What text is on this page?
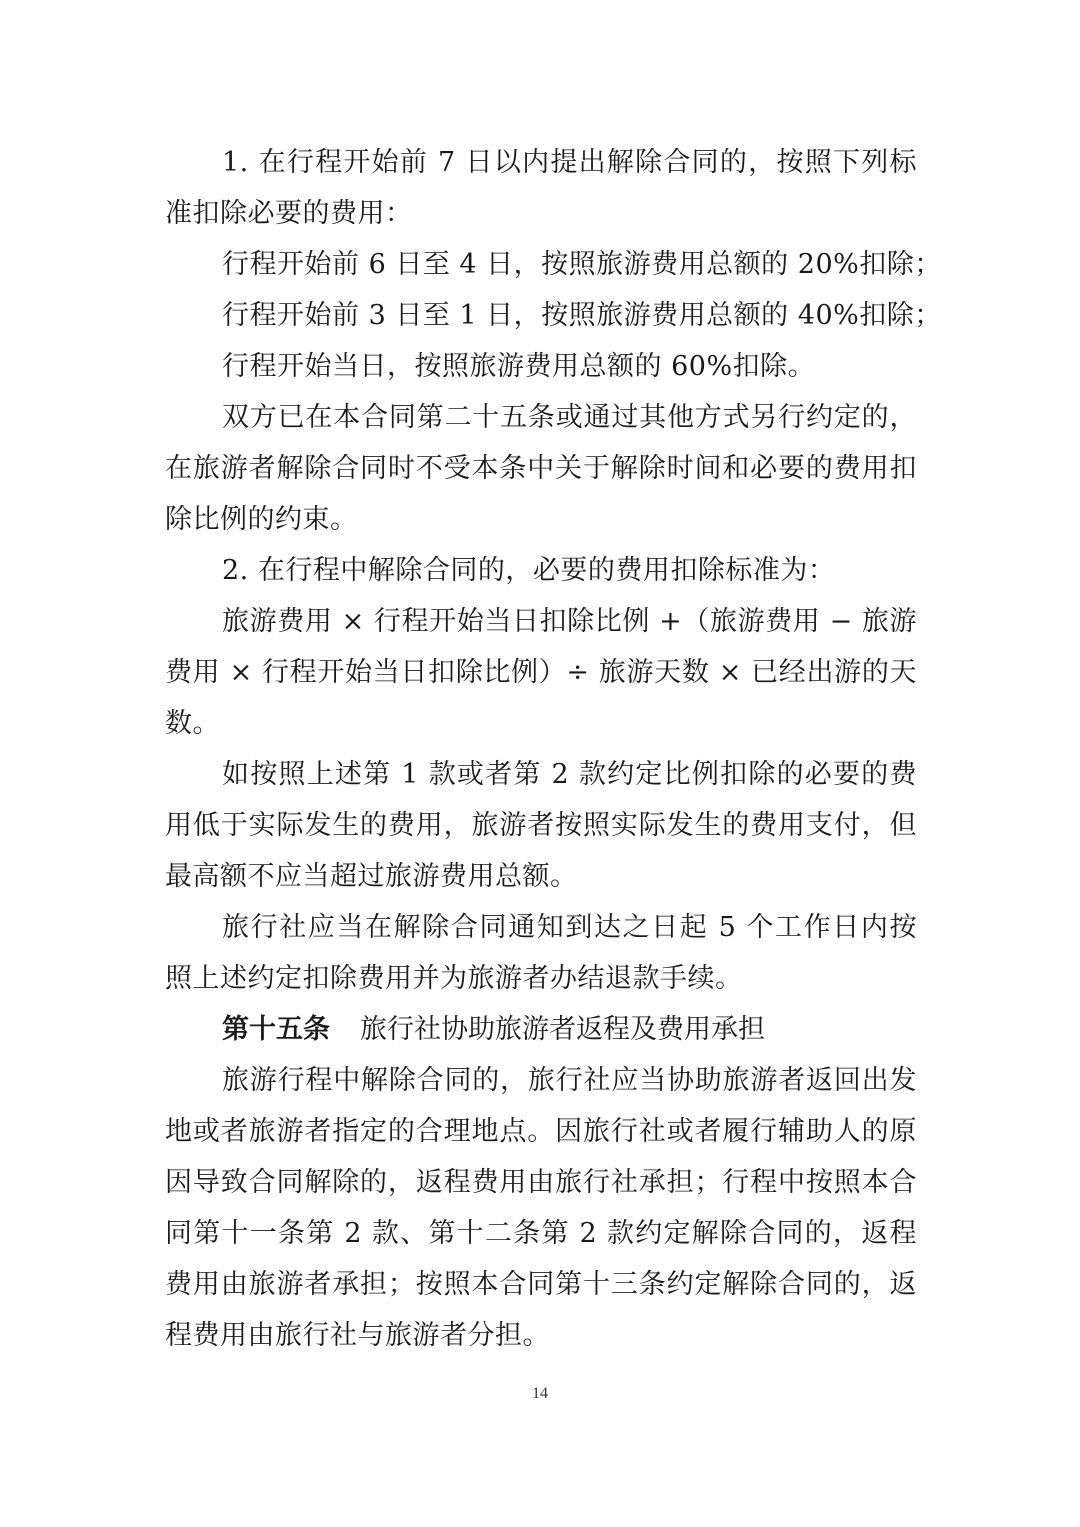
1. 在行程开始前 7 日以内提出解除合同的，按照下列标准扣除必要的费用：

行程开始前 6 日至 4 日，按照旅游费用总额的 20%扣除；

行程开始前 3 日至 1 日，按照旅游费用总额的 40%扣除；

行程开始当日，按照旅游费用总额的 60%扣除。

双方已在本合同第二十五条或通过其他方式另行约定的，在旅游者解除合同时不受本条中关于解除时间和必要的费用扣除比例的约束。

2. 在行程中解除合同的，必要的费用扣除标准为：

旅游费用 × 行程开始当日扣除比例 +（旅游费用 − 旅游费用 × 行程开始当日扣除比例）÷ 旅游天数 × 已经出游的天数。

如按照上述第 1 款或者第 2 款约定比例扣除的必要的费用低于实际发生的费用，旅游者按照实际发生的费用支付，但最高额不应当超过旅游费用总额。

旅行社应当在解除合同通知到达之日起 5 个工作日内按照上述约定扣除费用并为旅游者办结退款手续。

第十五条 旅行社协助旅游者返程及费用承担

旅游行程中解除合同的，旅行社应当协助旅游者返回出发地或者旅游者指定的合理地点。因旅行社或者履行辅助人的原因导致合同解除的，返程费用由旅行社承担；行程中按照本合同第十一条第 2 款、第十二条第 2 款约定解除合同的，返程费用由旅游者承担；按照本合同第十三条约定解除合同的，返程费用由旅行社与旅游者分担。

14
